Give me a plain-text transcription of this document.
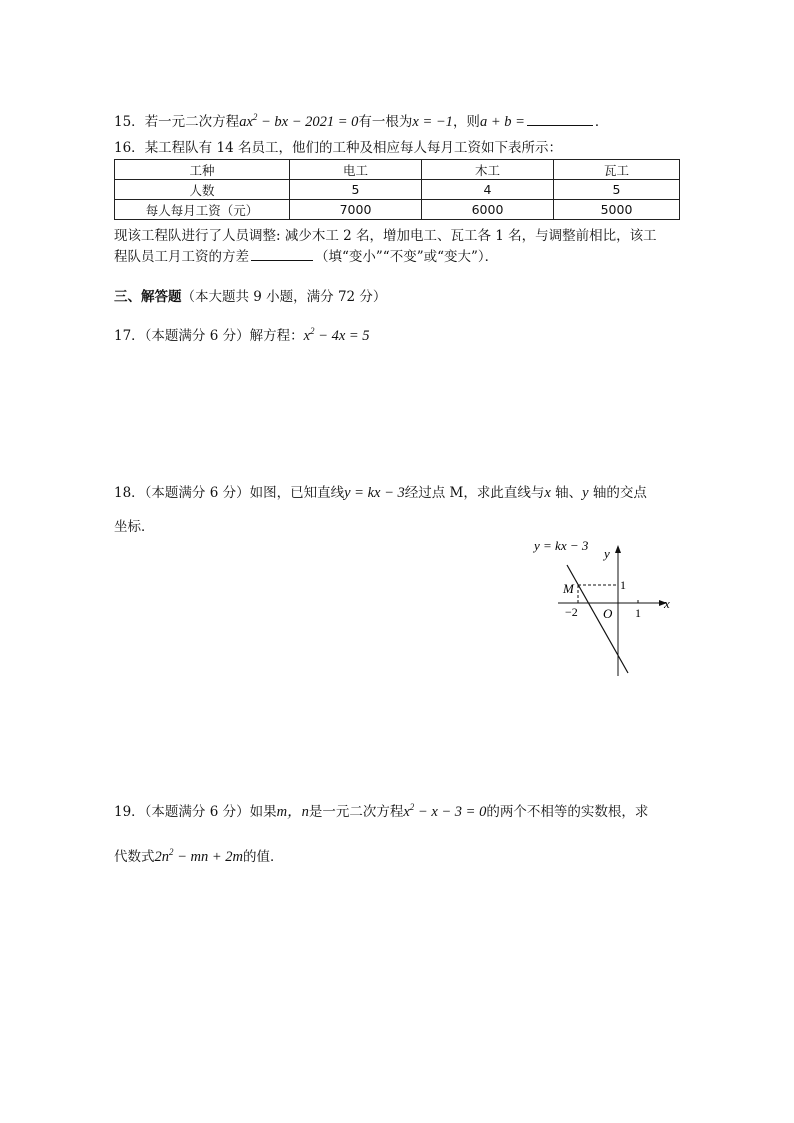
15．若一元二次方程$ax^2$ − bx − 2021 = 0有一根为x = −1，则a + b =	．
16．某工程队有 14 名员工，他们的工种及相应每人每月工资如下表所示：
工种	电工	木工	瓦工
人数	5	4	5
每人每月工资（元）	7000	6000	5000
现该工程队进行了人员调整: 减少木工 2 名，增加电工、瓦工各 1 名，与调整前相比，该工
程队员工月工资的方差	（填“变小”“不变”或“变大”）．
三、解答题（本大题共 9 小题，满分 72 分）
17．（本题满分 6 分）解方程：$x^2 - 4x = 5$
18．（本题满分 6 分）如图，已知直线y = kx − 3经过点 M，求此直线与x 轴、y 轴的交点
坐标．
y = kx − 3
y
x
M
O
−2	1
1
19．（本题满分 6 分）如果m，n是一元二次方程$x^2 - x - 3 = 0$的两个不相等的实数根，求
代数式$2n^2$ − mn + 2m的值．
